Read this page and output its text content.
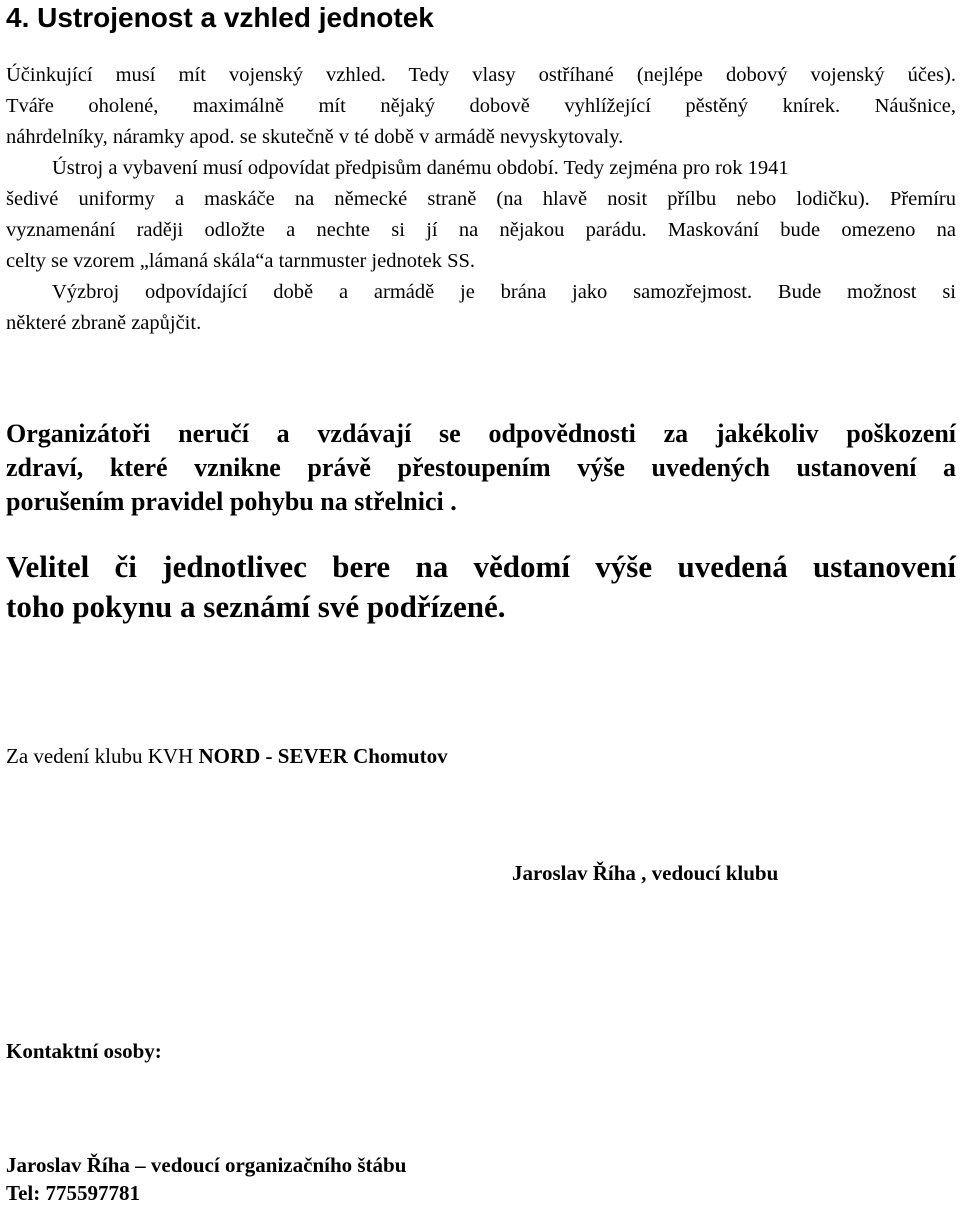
4. Ustrojenost a vzhled jednotek
Účinkující musí mít vojenský vzhled. Tedy vlasy ostříhané (nejlépe dobový vojenský účes).
Tváře oholené, maximálně mít nějaký dobově vyhlížející pěstěný knírek. Náušnice,
náhrdelníky, náramky apod. se skutečně v té době v armádě nevyskytovaly.
Ústroj a vybavení musí odpovídat předpisům danému období. Tedy zejména pro rok 1941
šedivé uniformy a maskáče na německé straně (na hlavě nosit přílbu nebo lodičku). Přemíru
vyznamenání raději odložte a nechte si jí na nějakou parádu. Maskování bude omezeno na
celty se vzorem „lámaná skála“a tarnmuster jednotek SS.
Výzbroj odpovídající době a armádě je brána jako samozřejmost. Bude možnost si
některé zbraně zapůjčit.
Organizátoři neručí a vzdávají se odpovědnosti za jakékoliv poškození
zdraví, které vznikne právě přestoupením výše uvedených ustanovení a
porušením pravidel pohybu na střelnici .
Velitel či jednotlivec bere na vědomí výše uvedená ustanovení
toho pokynu a seznámí své podřízené.

Za vedení klubu KVH NORD - SEVER Chomutov

Jaroslav Říha , vedoucí klubu

Kontaktní osoby:

Jaroslav Říha – vedoucí organizačního štábu

Tel: 775597781
